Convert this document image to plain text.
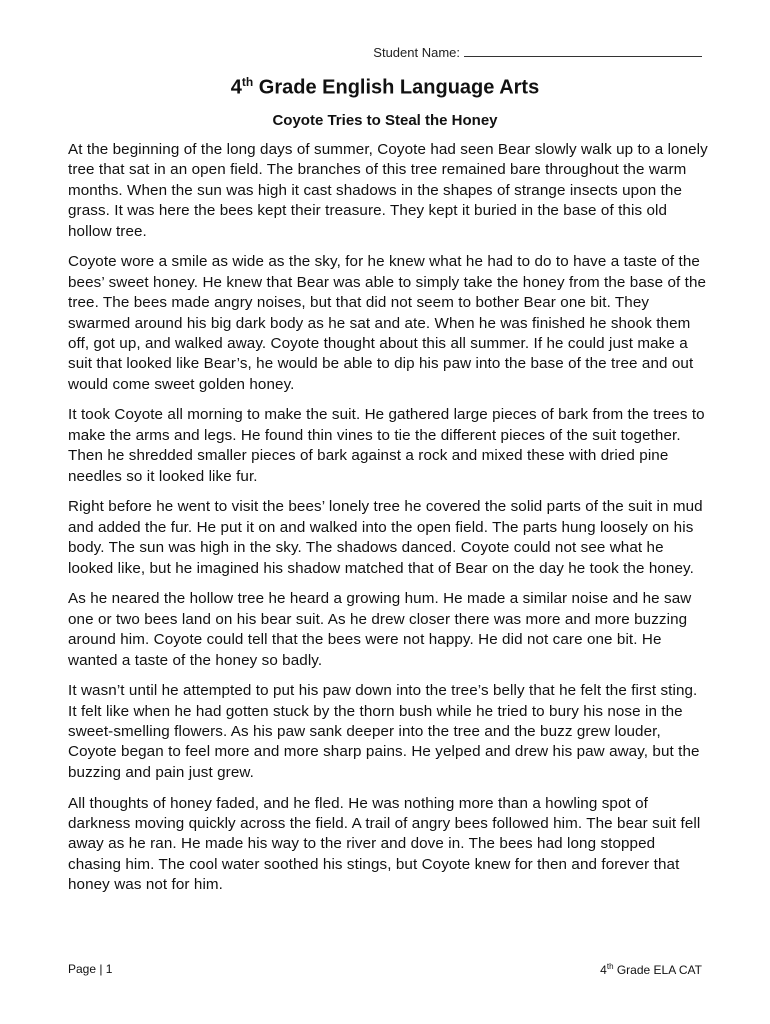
Student Name:
4th Grade English Language Arts
Coyote Tries to Steal the Honey

At the beginning of the long days of summer, Coyote had seen Bear slowly walk up to a lonely tree that sat in an open field. The branches of this tree remained bare throughout the warm months. When the sun was high it cast shadows in the shapes of strange insects upon the grass. It was here the bees kept their treasure. They kept it buried in the base of this old hollow tree.

Coyote wore a smile as wide as the sky, for he knew what he had to do to have a taste of the bees’ sweet honey. He knew that Bear was able to simply take the honey from the base of the tree. The bees made angry noises, but that did not seem to bother Bear one bit. They swarmed around his big dark body as he sat and ate. When he was finished he shook them off, got up, and walked away. Coyote thought about this all summer. If he could just make a suit that looked like Bear’s, he would be able to dip his paw into the base of the tree and out would come sweet golden honey.

It took Coyote all morning to make the suit. He gathered large pieces of bark from the trees to make the arms and legs. He found thin vines to tie the different pieces of the suit together. Then he shredded smaller pieces of bark against a rock and mixed these with dried pine needles so it looked like fur.

Right before he went to visit the bees’ lonely tree he covered the solid parts of the suit in mud and added the fur. He put it on and walked into the open field. The parts hung loosely on his body. The sun was high in the sky. The shadows danced. Coyote could not see what he looked like, but he imagined his shadow matched that of Bear on the day he took the honey.

As he neared the hollow tree he heard a growing hum. He made a similar noise and he saw one or two bees land on his bear suit. As he drew closer there was more and more buzzing around him. Coyote could tell that the bees were not happy. He did not care one bit. He wanted a taste of the honey so badly.

It wasn’t until he attempted to put his paw down into the tree’s belly that he felt the first sting. It felt like when he had gotten stuck by the thorn bush while he tried to bury his nose in the sweet-smelling flowers. As his paw sank deeper into the tree and the buzz grew louder, Coyote began to feel more and more sharp pains. He yelped and drew his paw away, but the buzzing and pain just grew.

All thoughts of honey faded, and he fled. He was nothing more than a howling spot of darkness moving quickly across the field. A trail of angry bees followed him. The bear suit fell away as he ran. He made his way to the river and dove in. The bees had long stopped chasing him. The cool water soothed his stings, but Coyote knew for then and forever that honey was not for him.

Page | 1	4th Grade ELA CAT
